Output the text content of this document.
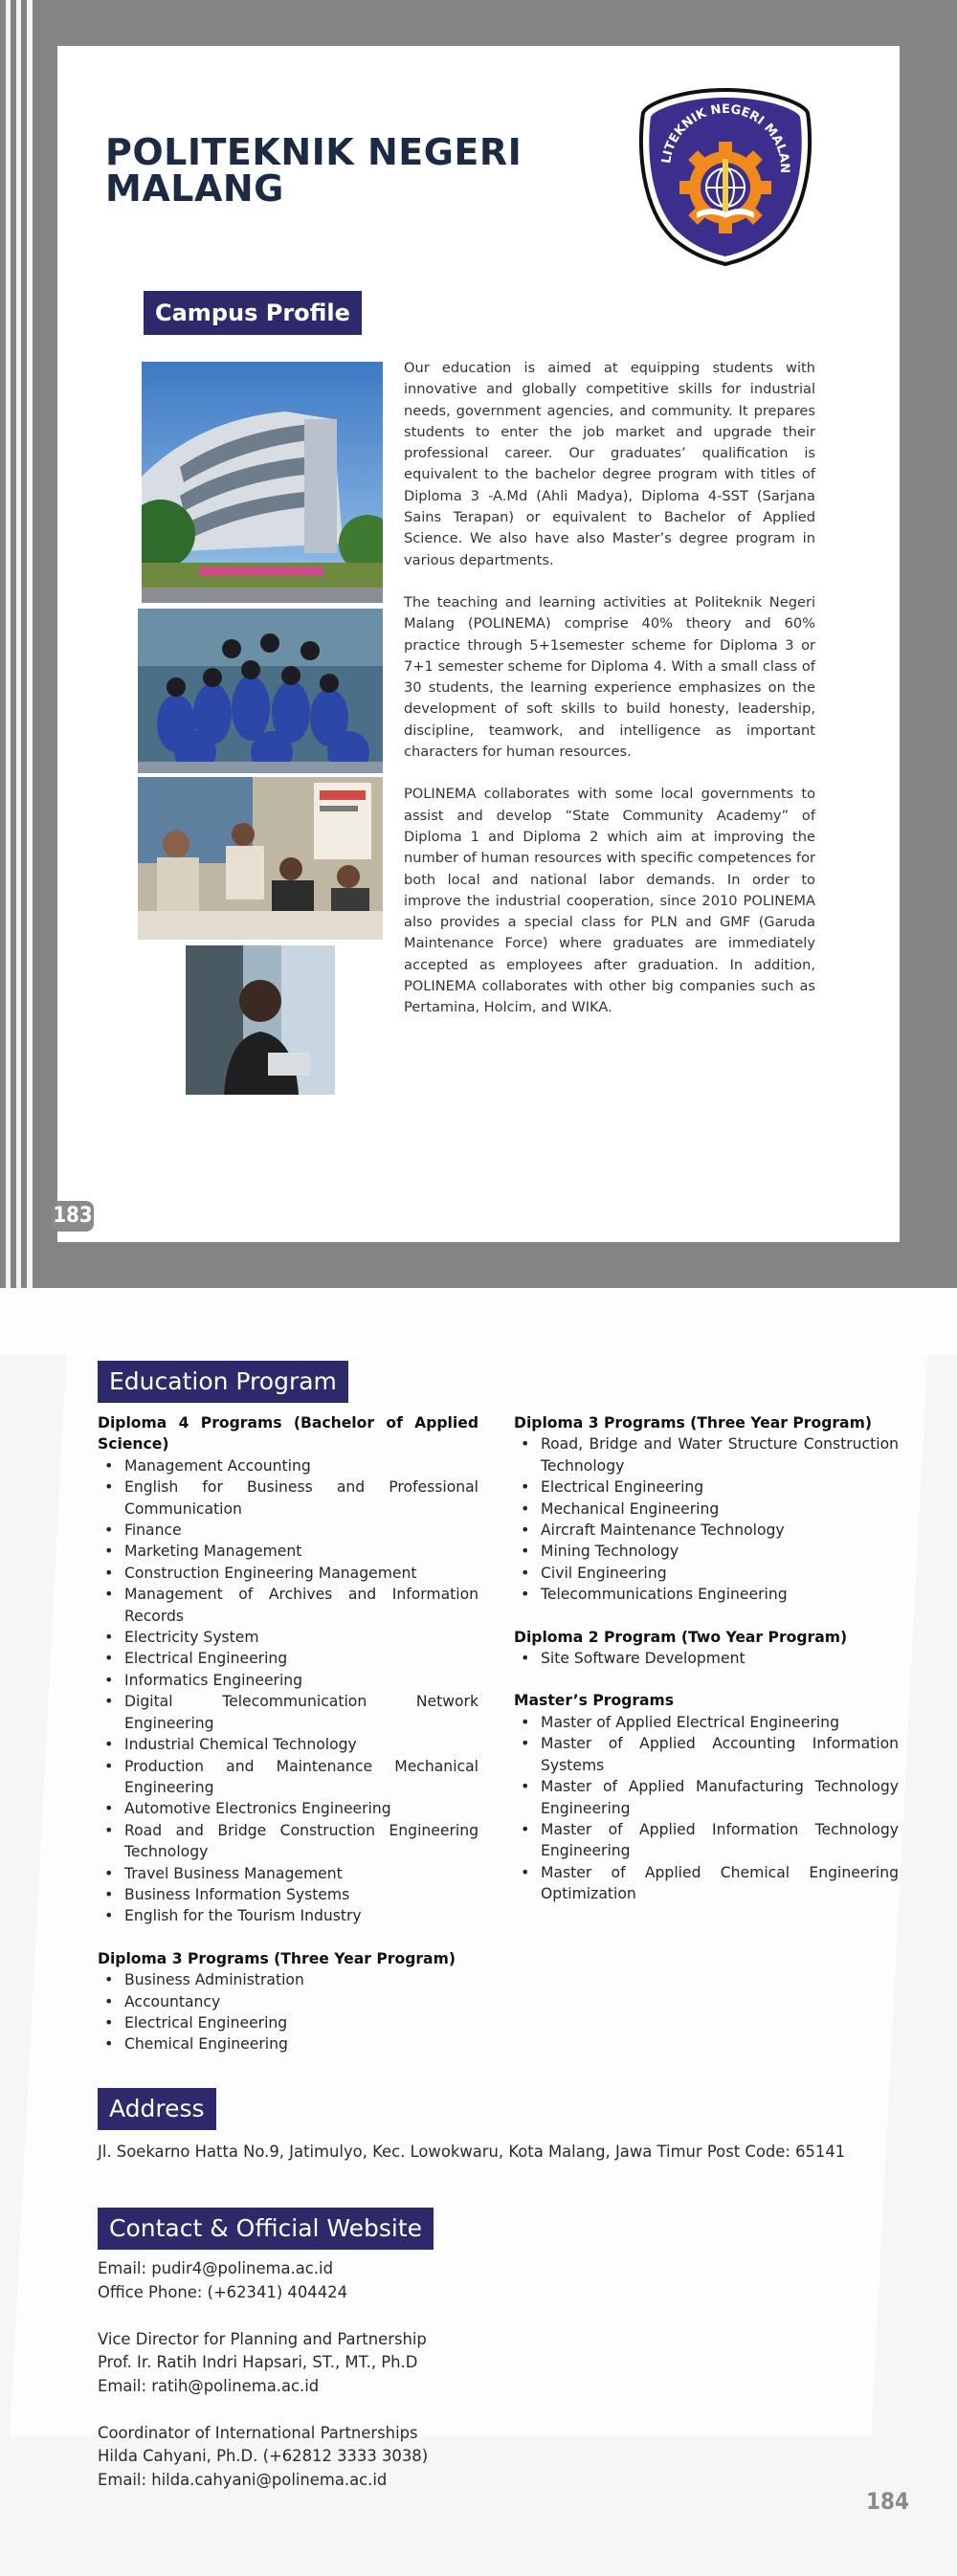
POLITEKNIK NEGERI MALANG
LITEKNIK NEGERI MALAN
Campus Profile

Our education is aimed at equipping students with innovative and globally competitive skills for industrial needs, government agencies, and community. It prepares students to enter the job market and upgrade their professional career. Our graduates’ qualification is equivalent to the bachelor degree program with titles of Diploma 3 -A.Md (Ahli Madya), Diploma 4-SST (Sarjana Sains Terapan) or equivalent to Bachelor of Applied Science. We also have also Master’s degree program in various departments.

The teaching and learning activities at Politeknik Negeri Malang (POLINEMA) comprise 40% theory and 60% practice through 5+1semester scheme for Diploma 3 or 7+1 semester scheme for Diploma 4. With a small class of 30 students, the learning experience emphasizes on the development of soft skills to build honesty, leadership, discipline, teamwork, and intelligence as important characters for human resources.

POLINEMA collaborates with some local governments to assist and develop “State Community Academy” of Diploma 1 and Diploma 2 which aim at improving the number of human resources with specific competences for both local and national labor demands. In order to improve the industrial cooperation, since 2010 POLINEMA also provides a special class for PLN and GMF (Garuda Maintenance Force) where graduates are immediately accepted as employees after graduation. In addition, POLINEMA collaborates with other big companies such as Pertamina, Holcim, and WIKA.

183
Education Program
Diploma 4 Programs (Bachelor of Applied Science)
• Management Accounting
• English for Business and Professional Communication
• Finance
• Marketing Management
• Construction Engineering Management
• Management of Archives and Information Records
• Electricity System
• Electrical Engineering
• Informatics Engineering
• Digital Telecommunication Network Engineering
• Industrial Chemical Technology
• Production and Maintenance Mechanical Engineering
• Automotive Electronics Engineering
• Road and Bridge Construction Engineering Technology
• Travel Business Management
• Business Information Systems
• English for the Tourism Industry
Diploma 3 Programs (Three Year Program)
• Business Administration
• Accountancy
• Electrical Engineering
• Chemical Engineering
Diploma 3 Programs (Three Year Program)
• Road, Bridge and Water Structure Construction Technology
• Electrical Engineering
• Mechanical Engineering
• Aircraft Maintenance Technology
• Mining Technology
• Civil Engineering
• Telecommunications Engineering
Diploma 2 Program (Two Year Program)
• Site Software Development
Master’s Programs
• Master of Applied Electrical Engineering
• Master of Applied Accounting Information Systems
• Master of Applied Manufacturing Technology Engineering
• Master of Applied Information Technology Engineering
• Master of Applied Chemical Engineering Optimization
Address

Jl. Soekarno Hatta No.9, Jatimulyo, Kec. Lowokwaru, Kota Malang, Jawa Timur Post Code: 65141

Contact & Official Website
Email: pudir4@polinema.ac.id
Office Phone: (+62341) 404424
Vice Director for Planning and Partnership
Prof. Ir. Ratih Indri Hapsari, ST., MT., Ph.D
Email: ratih@polinema.ac.id
Coordinator of International Partnerships
Hilda Cahyani, Ph.D. (+62812 3333 3038)
Email: hilda.cahyani@polinema.ac.id
184
